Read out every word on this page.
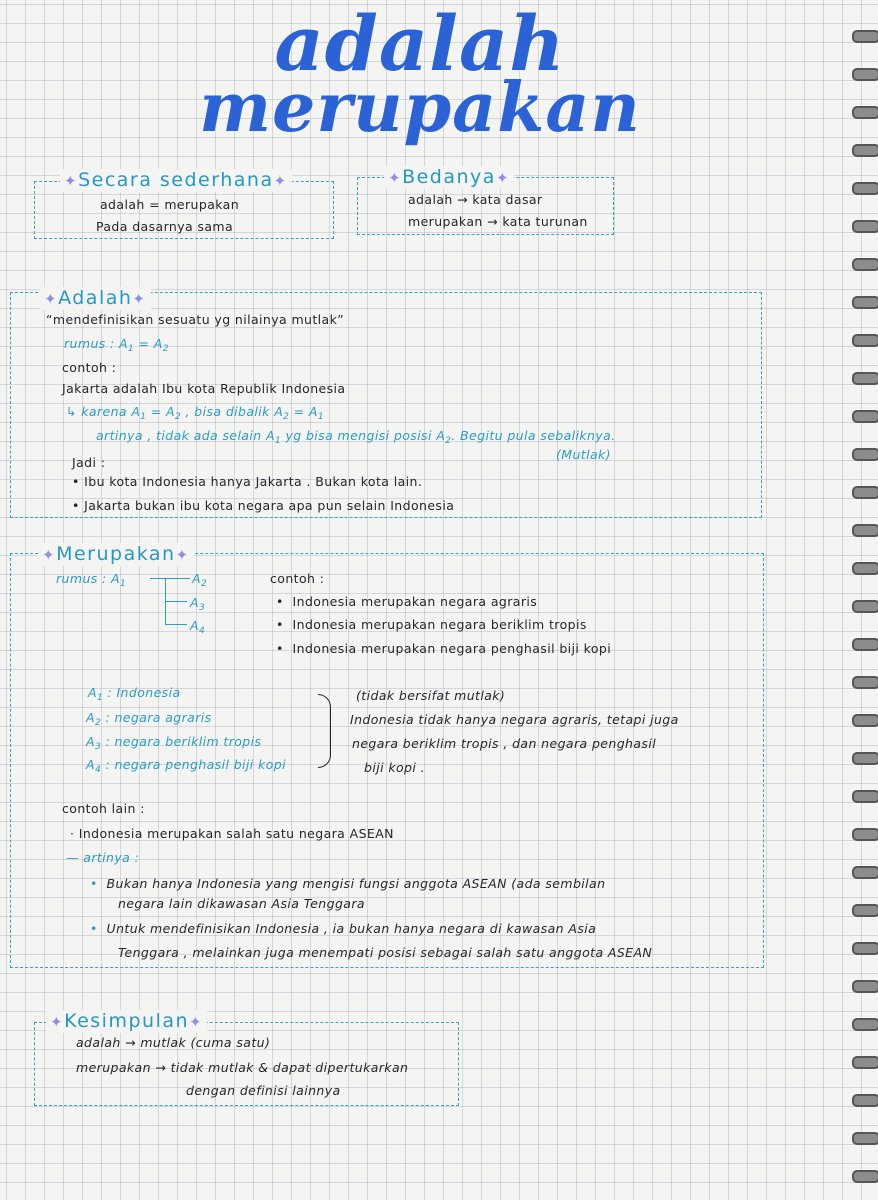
adalah
merupakan
✦Secara sederhana✦
adalah = merupakan
Pada dasarnya sama
✦Bedanya✦
adalah → kata dasar
merupakan → kata turunan
✦Adalah✦
“mendefinisikan sesuatu yg nilainya mutlak”
rumus : $A_1 = A_2$
contoh :
Jakarta adalah Ibu kota Republik Indonesia
↳ karena $A_1 = A_2$ , bisa dibalik $A_2 = A_1$
artinya , tidak ada selain $A_1$ yg bisa mengisi posisi $A_2$. Begitu pula sebaliknya.
(Mutlak)
Jadi :
• Ibu kota Indonesia hanya Jakarta . Bukan kota lain.
• Jakarta bukan ibu kota negara apa pun selain Indonesia
✦Merupakan✦
rumus : $A_1$	$A_2$
$A_3$
$A_4$
contoh :
•  Indonesia merupakan negara agraris
•  Indonesia merupakan negara beriklim tropis
•  Indonesia merupakan negara penghasil biji kopi
$A_1$ : Indonesia
$A_2$ : negara agraris
$A_3$ : negara beriklim tropis
$A_4$ : negara penghasil biji kopi
(tidak bersifat mutlak)
Indonesia tidak hanya negara agraris, tetapi juga
negara beriklim tropis , dan negara penghasil
biji kopi .
contoh lain :
· Indonesia merupakan salah satu negara ASEAN
— artinya :
• Bukan hanya Indonesia yang mengisi fungsi anggota ASEAN (ada sembilan
negara lain dikawasan Asia Tenggara
• Untuk mendefinisikan Indonesia , ia bukan hanya negara di kawasan Asia
Tenggara , melainkan juga menempati posisi sebagai salah satu anggota ASEAN
✦Kesimpulan✦
adalah → mutlak (cuma satu)
merupakan → tidak mutlak & dapat dipertukarkan
dengan definisi lainnya
